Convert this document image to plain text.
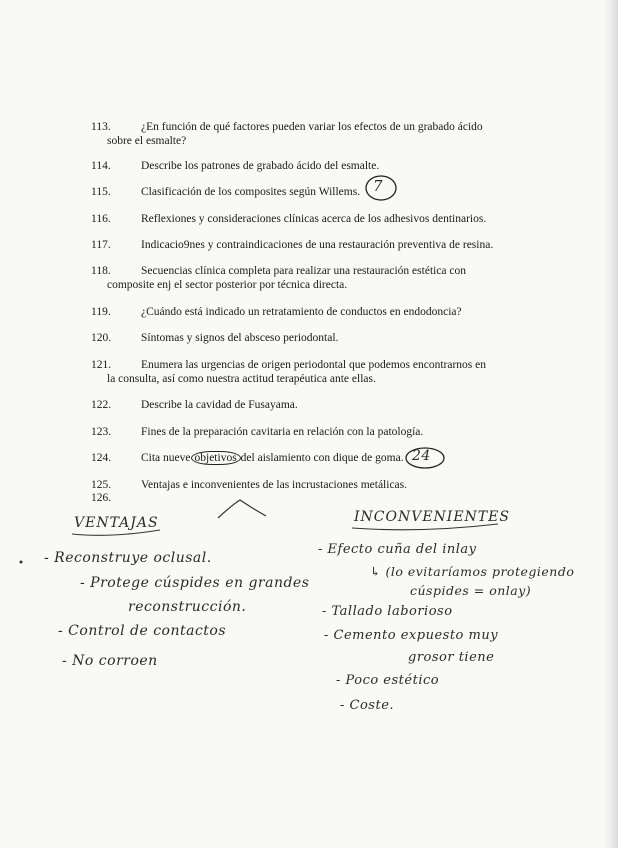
113.	¿En función de qué factores pueden variar los efectos de un grabado ácido
sobre el esmalte?
114.	Describe los patrones de grabado ácido del esmalte.
115.	Clasificación de los composites según Willems.
116.	Reflexiones y consideraciones clínicas acerca de los adhesivos dentinarios.
117.	Indicacio9nes y contraindicaciones de una restauración preventiva de resina.
118.	Secuencias clínica completa para realizar una restauración estética con
composite enj el sector posterior por técnica directa.
119.	¿Cuándo está indicado un retratamiento de conductos en endodoncia?
120.	Síntomas y signos del absceso periodontal.
121.	Enumera las urgencias de origen periodontal que podemos encontrarnos en
la consulta, así como nuestra actitud terapéutica ante ellas.
122.	Describe la cavidad de Fusayama.
123.	Fines de la preparación cavitaria en relación con la patología.
124.	Cita nueve objetivos del aislamiento con dique de goma.
125.	Ventajas e inconvenientes de las incrustaciones metálicas.
126.
7
24
VENTAJAS
- Reconstruye oclusal.
- Protege cúspides en grandes
reconstrucción.
- Control de contactos
- No corroen
INCONVENIENTES
- Efecto cuña del inlay
↳ (lo evitaríamos protegiendo
cúspides = onlay)
- Tallado laborioso
- Cemento expuesto muy
grosor tiene
- Poco estético
- Coste.
